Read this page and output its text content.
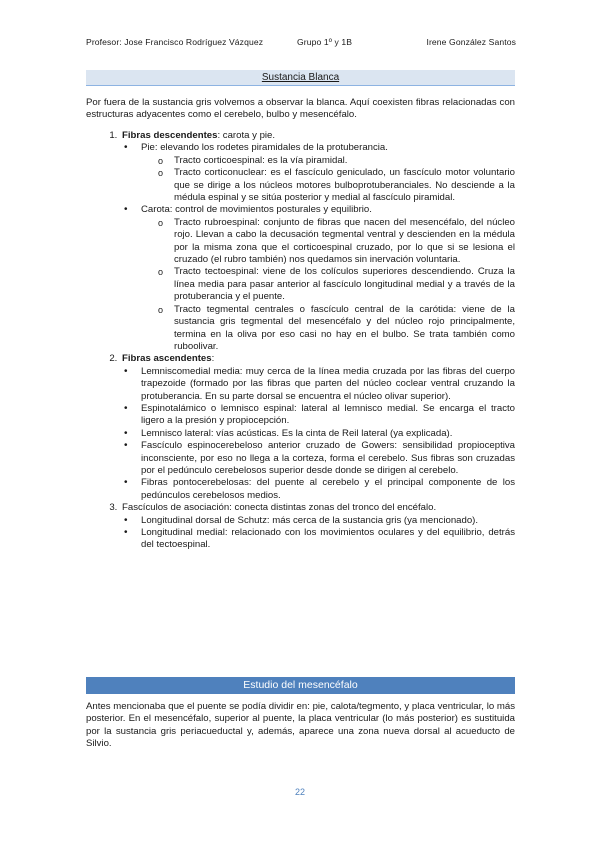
Profesor: Jose Francisco Rodríguez Vázquez	Grupo 1º y 1B	Irene González Santos
Sustancia Blanca
Por fuera de la sustancia gris volvemos a observar la blanca. Aquí coexisten fibras relacionadas con estructuras adyacentes como el cerebelo, bulbo y mesencéfalo.
1. Fibras descendentes: carota y pie.
• Pie: elevando los rodetes piramidales de la protuberancia.
o Tracto corticoespinal: es la vía piramidal.
o Tracto corticonuclear: es el fascículo geniculado, un fascículo motor voluntario que se dirige a los núcleos motores bulboprotuberanciales. No desciende a la médula espinal y se sitúa posterior y medial al fascículo piramidal.
• Carota: control de movimientos posturales y equilibrio.
o Tracto rubroespinal: conjunto de fibras que nacen del mesencéfalo, del núcleo rojo. Llevan a cabo la decusación tegmental ventral y descienden en la médula por la misma zona que el corticoespinal cruzado, por lo que si se lesiona el cruzado (el rubro también) nos quedamos sin inervación voluntaria.
o Tracto tectoespinal: viene de los colículos superiores descendiendo. Cruza la línea media para pasar anterior al fascículo longitudinal medial y a través de la protuberancia y el puente.
o Tracto tegmental centrales o fascículo central de la carótida: viene de la sustancia gris tegmental del mesencéfalo y del núcleo rojo principalmente, termina en la oliva por eso casi no hay en el bulbo. Se trata también como ruboolivar.
2. Fibras ascendentes:
• Lemniscomedial media: muy cerca de la línea media cruzada por las fibras del cuerpo trapezoide (formado por las fibras que parten del núcleo coclear ventral cruzando la protuberancia. En su parte dorsal se encuentra el núcleo olivar superior).
• Espinotalámico o lemnisco espinal: lateral al lemnisco medial. Se encarga el tracto ligero a la presión y propiocepción.
• Lemnisco lateral: vías acústicas. Es la cinta de Reil lateral (ya explicada).
• Fascículo espinocerebeloso anterior cruzado de Gowers: sensibilidad propioceptiva inconsciente, por eso no llega a la corteza, forma el cerebelo. Sus fibras son cruzadas por el pedúnculo cerebelosos superior desde donde se dirigen al cerebelo.
• Fibras pontocerebelosas: del puente al cerebelo y el principal componente de los pedúnculos cerebelosos medios.
3. Fascículos de asociación: conecta distintas zonas del tronco del encéfalo.
• Longitudinal dorsal de Schutz: más cerca de la sustancia gris (ya mencionado).
• Longitudinal medial: relacionado con los movimientos oculares y del equilibrio, detrás del tectoespinal.
Estudio del mesencéfalo
Antes mencionaba que el puente se podía dividir en: pie, calota/tegmento, y placa ventricular, lo más posterior. En el mesencéfalo, superior al puente, la placa ventricular (lo más posterior) es sustituida por la sustancia gris periacueductal y, además, aparece una zona nueva dorsal al acueducto de Silvio.
22
